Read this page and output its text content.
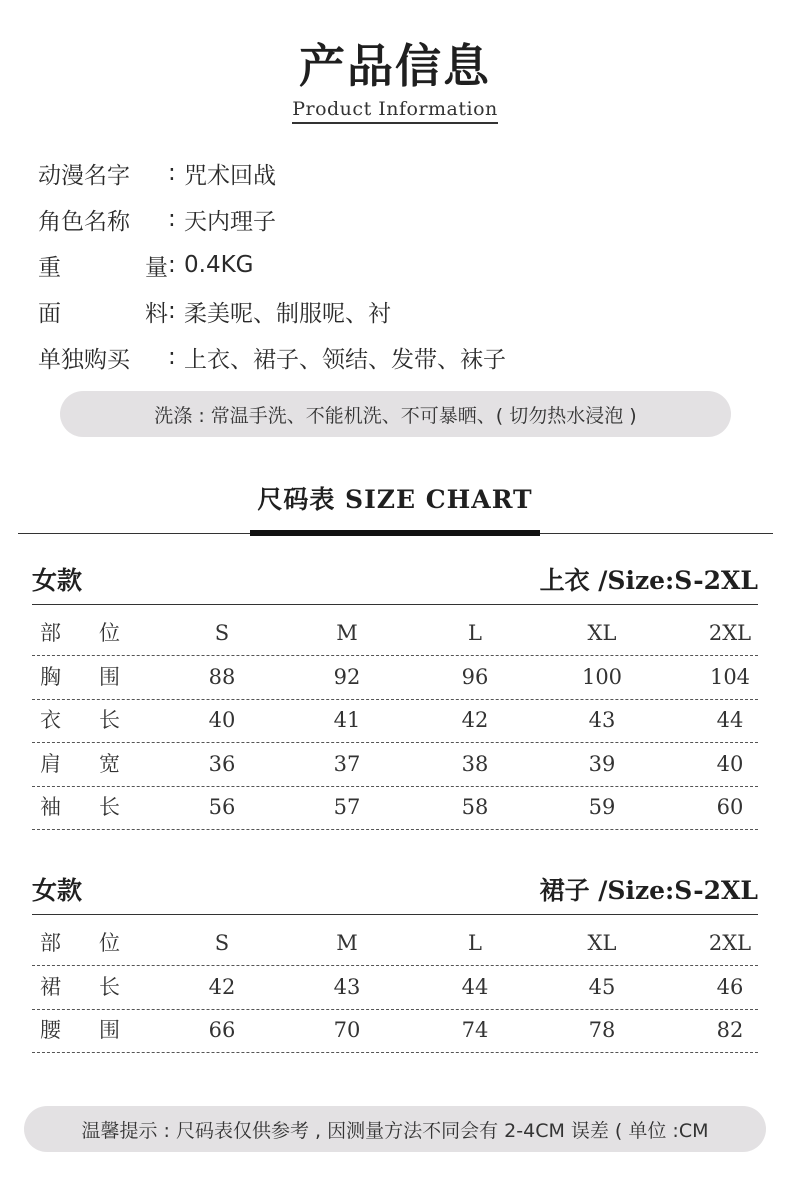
产品信息
Product Information
动漫名字 : 咒术回战
角色名称 : 天内理子
重	量 : 0.4KG
面	料 : 柔美呢、制服呢、衬
单独购买 : 上衣、裙子、领结、发带、袜子
洗涤 : 常温手洗、不能机洗、不可暴晒、( 切勿热水浸泡 )
尺码表 SIZE CHART
女款	上衣 /Size:S-2XL
部 位	S	M	L	XL	2XL
胸 围	88	92	96	100	104
衣 长	40	41	42	43	44
肩 宽	36	37	38	39	40
袖 长	56	57	58	59	60
女款	裙子 /Size:S-2XL
部 位	S	M	L	XL	2XL
裙 长	42	43	44	45	46
腰 围	66	70	74	78	82
温馨提示 : 尺码表仅供参考 , 因测量方法不同会有 2-4CM 误差 ( 单位 :CM
